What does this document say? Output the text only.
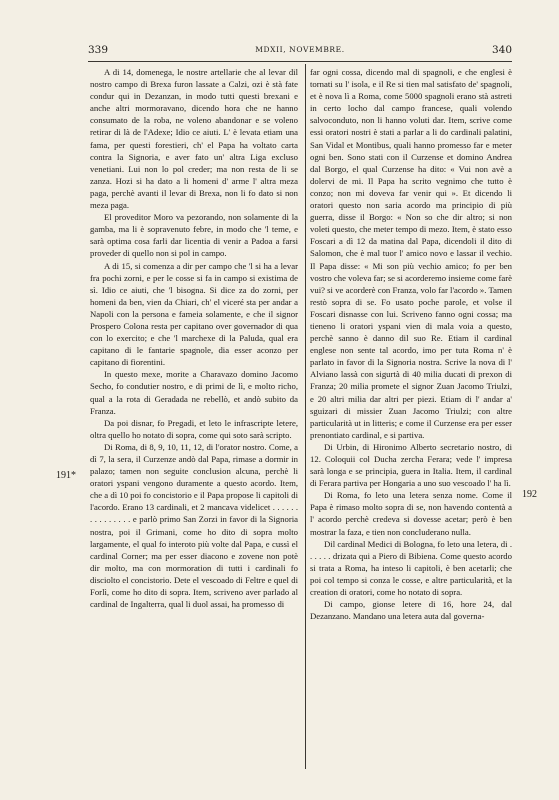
339	MDXII, NOVEMBRE.	340
191*
192

A di 14, domenega, le nostre artellarie che al levar dil nostro campo di Brexa furon lassate a Calzi, ozi è stà fate condur qui in Dezanzan, in modo tutti questi brexani e anche altri mormoravano, dicendo hora che ne hanno consumato de la roba, ne voleno abandonar e se voleno retirar di là de l'Adexe; Idio ce aiuti. L' è levata etiam una fama, per questi forestieri, ch' el Papa ha voltato carta contra la Signoria, e aver fato un' altra Liga excluso venetiani. Lui non lo pol creder; ma non resta de li se zanza. Hozi si ha dato a li homeni d' arme l' altra meza paga, perchè avanti il levar di Brexa, non li fo dato si non meza paga.

El proveditor Moro va pezorando, non solamente di la gamba, ma li è sopravenuto febre, in modo che 'l teme, e sarà optima cosa farli dar licentia di venir a Padoa a farsi proveder di quello non si pol in campo.

A di 15, si comenza a dir per campo che 'l si ha a levar fra pochi zorni, e per le cosse si fa in campo si existima de sì. Idio ce aiuti, che 'l bisogna. Si dice za do zorni, per homeni da ben, vien da Chiari, ch' el viceré sta per andar a Napoli con la persona e fameia solamente, e che il signor Prospero Colona resta per capitano over governador di qua con lo exercito; e che 'l marchexe di la Paluda, qual era capitano di le fantarie spagnole, dia esser aconzo per capitano di fiorentini.

In questo mexe, morite a Charavazo domino Jacomo Secho, fo condutier nostro, e di primi de lì, e molto richo, qual a la rota di Geradada ne rebellò, et andò subito da Franza.

Da poi disnar, fo Pregadi, et leto le infrascripte letere, oltra quello ho notato di sopra, come qui soto sarà scripto.

Di Roma, di 8, 9, 10, 11, 12, di l'orator nostro. Come, a dì 7, la sera, il Curzenze andò dal Papa, rimase a dormir in palazo; tamen non seguite conclusion alcuna, perchè li oratori yspani vengono duramente a questo acordo. Item, che a dì 10 poi fo concistorio e il Papa propose li capitoli di l'acordo. Erano 13 cardinali, et 2 mancava videlicet . . . . . . . . . . . . . . . e parlò primo San Zorzi in favor di la Signoria nostra, poi il Grimani, come ho dito di sopra molto largamente, el qual fo interoto più volte dal Papa, e cussì el cardinal Corner; ma per esser diacono e zovene non potè dir molto, ma con mormoration di tutti i cardinali fo disciolto el concistorio. Dete el vescoado di Feltre e quel di Forlì, come ho dito di sopra. Item, scriveno aver parlado al cardinal de Ingalterra, qual li duol assai, ha promesso di

far ogni cossa, dicendo mal di spagnoli, e che englesi è tornati su l' isola, e il Re si tien mal satisfato de' spagnoli, et è nova lì a Roma, come 5000 spagnoli erano stà astreti in certo locho dal campo francese, quali volendo salvoconduto, non li hanno voluti dar. Item, scrive come essi oratori nostri è stati a parlar a li do cardinali palatini, San Vidal et Montibus, quali hanno promesso far e meter ogni ben. Sono stati con il Curzense et domino Andrea dal Borgo, el qual Curzense ha dito: « Vui non avè a dolervi de mi. Il Papa ha scrito vegnimo che tutto è conzo; non mi doveva far venir qui ». Et dicendo li oratori questo non saria acordo ma principio di più guerra, disse il Borgo: « Non so che dir altro; si non voleti questo, che meter tempo di mezo. Item, è stato esso Foscari a dì 12 da matina dal Papa, dicendoli il dito di Salomon, che è mal tuor l' amico novo e lassar il vechio. Il Papa disse: « Mi son più vechio amico; fo per ben vostro che voleva far; se si acorderemo insieme come farè vui? si ve acorderè con Franza, volo far l'acordo ». Tamen restò sopra di se. Fo usato poche parole, et volse il Foscari disnasse con lui. Scriveno fanno ogni cossa; ma tieneno li oratori yspani vien di mala voia a questo, perchè sanno è danno dil suo Re. Etiam il cardinal englese non sente tal acordo, imo per tuta Roma n' è parlato in favor di la Signoria nostra. Scrive la nova di l' Alviano lassà con sigurtà di 40 milia ducati di prexon di Franza; 20 milia promete el signor Zuan Jacomo Triulzi, e 20 altri milia dar altri per piezi. Etiam di l' andar a' sguizari di missier Zuan Jacomo Triulzi; con altre particularità ut in litteris; e come il Curzense era per esser prenontiato cardinal, e si partiva.

Di Urbin, di Hironimo Alberto secretario nostro, di 12. Coloquii col Ducha zercha Ferara; vede l' impresa sarà longa e se principia, guera in Italia. Item, il cardinal di Ferara partiva per Hongaria a uno suo vescoado l' ha lì.

Di Roma, fo leto una letera senza nome. Come il Papa è rimaso molto sopra di se, non havendo contentà a l' acordo perchè credeva si dovesse acetar; però è ben mostrar la faza, e tien non concluderano nulla.

Dil cardinal Medici di Bologna, fo leto una letera, di . . . . . . drizata qui a Piero di Bibiena. Come questo acordo si trata a Roma, ha inteso li capitoli, è ben acetarli; che poi col tempo si conza le cosse, e altre particularità, et la creation di oratori, come ho notato di sopra.

Di campo, gionse letere di 16, hore 24, dal Dezanzano. Mandano una letera auta dal governa-
